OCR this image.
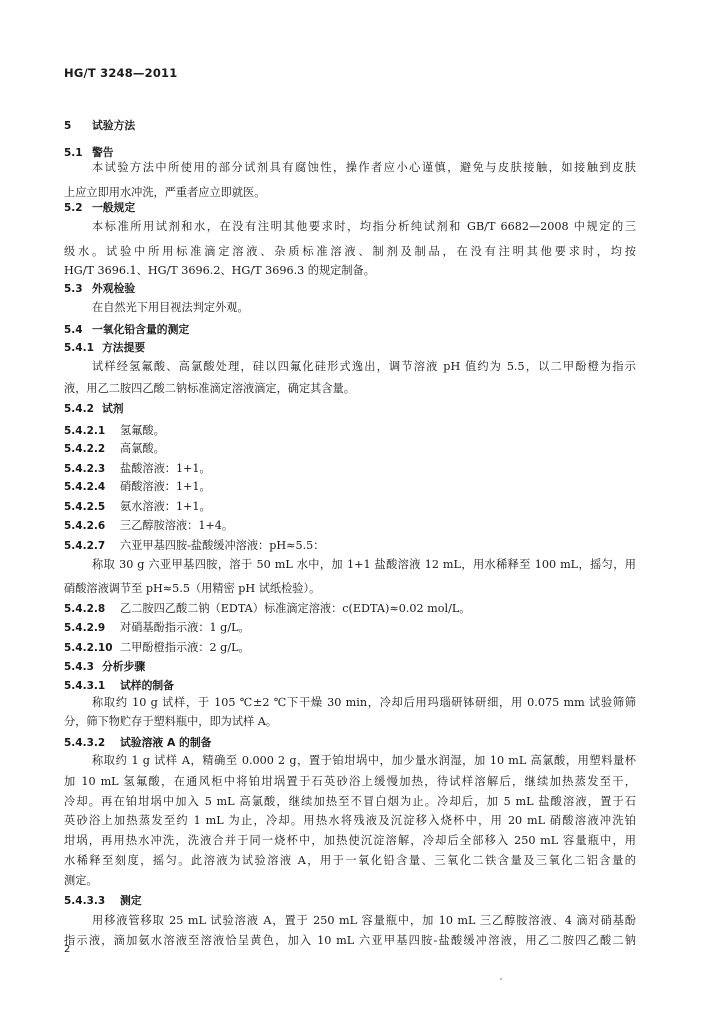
HG/T 3248—2011
5 试验方法
5.1 警告
本试验方法中所使用的部分试剂具有腐蚀性，操作者应小心谨慎，避免与皮肤接触，如接触到皮肤
上应立即用水冲洗，严重者应立即就医。
5.2 一般规定
本标准所用试剂和水，在没有注明其他要求时，均指分析纯试剂和 GB/T 6682—2008 中规定的三
级水。试验中所用标准滴定溶液、杂质标准溶液、制剂及制品，在没有注明其他要求时，均按
HG/T 3696.1、HG/T 3696.2、HG/T 3696.3 的规定制备。
5.3 外观检验
在自然光下用目视法判定外观。
5.4 一氧化铅含量的测定
5.4.1 方法提要
试样经氢氟酸、高氯酸处理，硅以四氟化硅形式逸出，调节溶液 pH 值约为 5.5，以二甲酚橙为指示
液，用乙二胺四乙酸二钠标准滴定溶液滴定，确定其含量。
5.4.2 试剂
5.4.2.1 氢氟酸。
5.4.2.2 高氯酸。
5.4.2.3 盐酸溶液：1+1。
5.4.2.4 硝酸溶液：1+1。
5.4.2.5 氨水溶液：1+1。
5.4.2.6 三乙醇胺溶液：1+4。
5.4.2.7 六亚甲基四胺-盐酸缓冲溶液：pH≈5.5：
称取 30 g 六亚甲基四胺，溶于 50 mL 水中，加 1+1 盐酸溶液 12 mL，用水稀释至 100 mL，摇匀，用
硝酸溶液调节至 pH≈5.5（用精密 pH 试纸检验）。
5.4.2.8 乙二胺四乙酸二钠（EDTA）标准滴定溶液：c(EDTA)≈0.02 mol/L。
5.4.2.9 对硝基酚指示液：1 g/L。
5.4.2.10 二甲酚橙指示液：2 g/L。
5.4.3 分析步骤
5.4.3.1 试样的制备
称取约 10 g 试样，于 105 ℃±2 ℃下干燥 30 min，冷却后用玛瑙研钵研细，用 0.075 mm 试验筛筛
分，筛下物贮存于塑料瓶中，即为试样 A。
5.4.3.2 试验溶液 A 的制备
称取约 1 g 试样 A，精确至 0.000 2 g，置于铂坩埚中，加少量水润湿，加 10 mL 高氯酸，用塑料量杯
加 10 mL 氢氟酸，在通风柜中将铂坩埚置于石英砂浴上缓慢加热，待试样溶解后，继续加热蒸发至干，
冷却。再在铂坩埚中加入 5 mL 高氯酸，继续加热至不冒白烟为止。冷却后，加 5 mL 盐酸溶液，置于石
英砂浴上加热蒸发至约 1 mL 为止，冷却。用热水将残液及沉淀移入烧杯中，用 20 mL 硝酸溶液冲洗铂
坩埚，再用热水冲洗，洗液合并于同一烧杯中，加热使沉淀溶解，冷却后全部移入 250 mL 容量瓶中，用
水稀释至刻度，摇匀。此溶液为试验溶液 A，用于一氧化铅含量、三氧化二铁含量及三氧化二铝含量的
测定。
5.4.3.3 测定
用移液管移取 25 mL 试验溶液 A，置于 250 mL 容量瓶中，加 10 mL 三乙醇胺溶液、4 滴对硝基酚
指示液，滴加氨水溶液至溶液恰呈黄色，加入 10 mL 六亚甲基四胺-盐酸缓冲溶液，用乙二胺四乙酸二钠
2
